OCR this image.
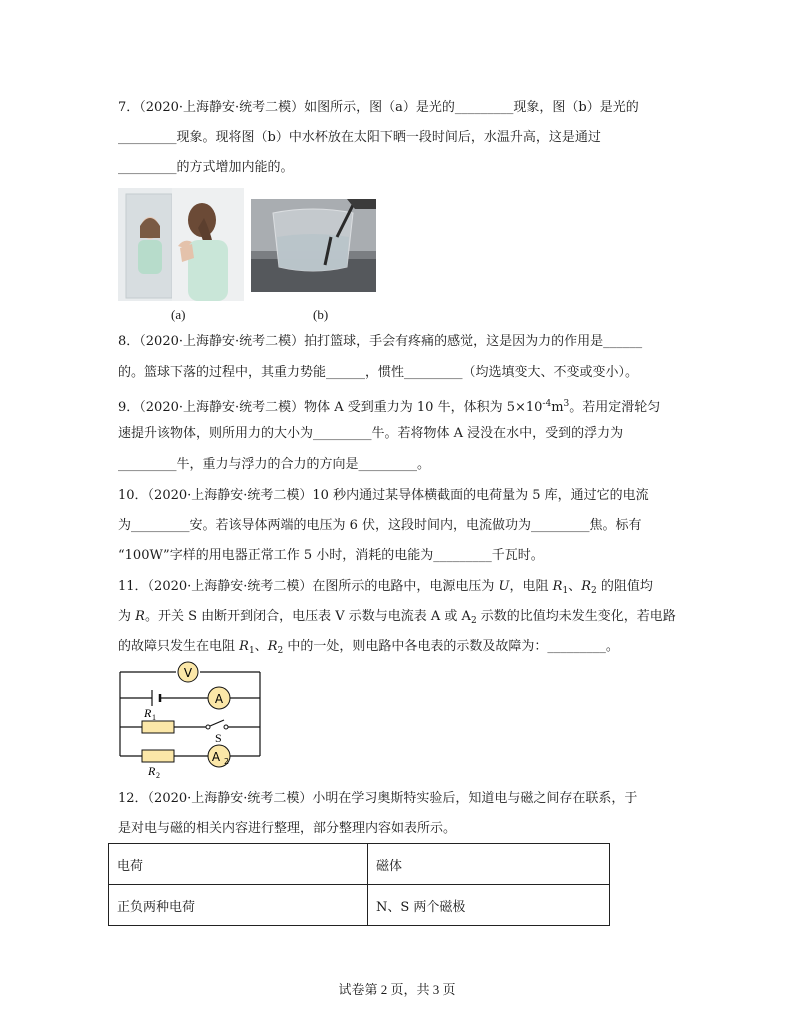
7．（2020·上海静安·统考二模）如图所示，图（a）是光的_________现象，图（b）是光的
_________现象。现将图（b）中水杯放在太阳下晒一段时间后，水温升高，这是通过
_________的方式增加内能的。
(a)	(b)
8．（2020·上海静安·统考二模）拍打篮球，手会有疼痛的感觉，这是因为力的作用是______
的。篮球下落的过程中，其重力势能______，惯性_________（均选填变大、不变或变小）。
9．（2020·上海静安·统考二模）物体 A 受到重力为 10 牛，体积为 $5\times 10^{-4}m^3$。若用定滑轮匀
速提升该物体，则所用力的大小为_________牛。若将物体 A 浸没在水中，受到的浮力为
_________牛，重力与浮力的合力的方向是_________。
10．（2020·上海静安·统考二模）10 秒内通过某导体横截面的电荷量为 5 库，通过它的电流
为_________安。若该导体两端的电压为 6 伏，这段时间内，电流做功为_________焦。标有
“100W”字样的用电器正常工作 5 小时，消耗的电能为_________千瓦时。
11．（2020·上海静安·统考二模）在图所示的电路中，电源电压为 U，电阻 $R_1$、$R_2$ 的阻值均
为 R。开关 S 由断开到闭合，电压表 V 示数与电流表 A 或 $A_2$ 示数的比值均未发生变化，若电路
的故障只发生在电阻 $R_1$、$R_2$ 中的一处，则电路中各电表的示数及故障为：_________。
V
A
A 2
R 1
S
R 2
12．（2020·上海静安·统考二模）小明在学习奥斯特实验后，知道电与磁之间存在联系，于
是对电与磁的相关内容进行整理，部分整理内容如表所示。
电荷	磁体
正负两种电荷	N、S 两个磁极
试卷第 2 页，共 3 页
